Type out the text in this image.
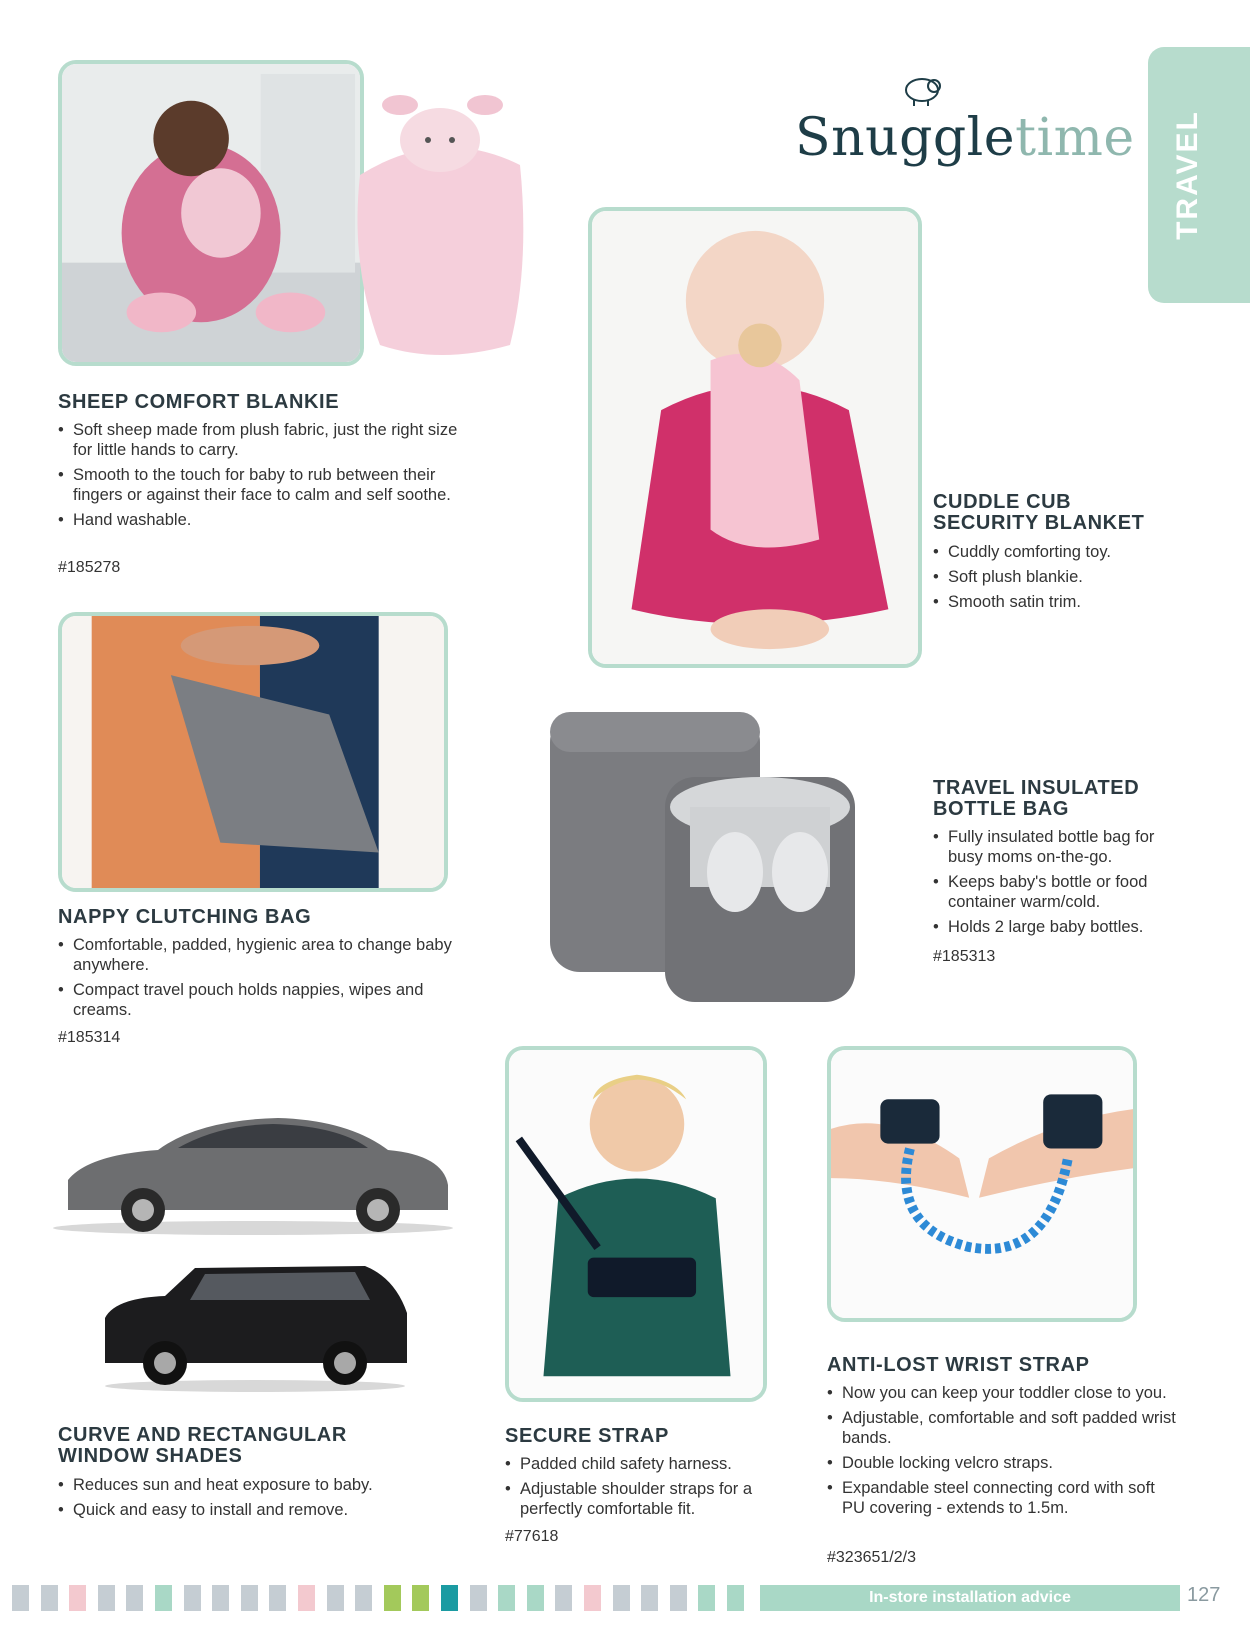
TRAVEL
Snuggletime
SHEEP COMFORT BLANKIE
• Soft sheep made from plush fabric, just the right size for little hands to carry.
• Smooth to the touch for baby to rub between their fingers or against their face to calm and self soothe.
• Hand washable.
#185278
CUDDLE CUB
SECURITY BLANKET
• Cuddly comforting toy.
• Soft plush blankie.
• Smooth satin trim.
NAPPY CLUTCHING BAG
• Comfortable, padded, hygienic area to change baby anywhere.
• Compact travel pouch holds nappies, wipes and creams.
#185314
TRAVEL INSULATED
BOTTLE BAG
• Fully insulated bottle bag for busy moms on-the-go.
• Keeps baby's bottle or food container warm/cold.
• Holds 2 large baby bottles.
#185313
CURVE AND RECTANGULAR
WINDOW SHADES
• Reduces sun and heat exposure to baby.
• Quick and easy to install and remove.
SECURE STRAP
• Padded child safety harness.
• Adjustable shoulder straps for a perfectly comfortable fit.
#77618
ANTI-LOST WRIST STRAP
• Now you can keep your toddler close to you.
• Adjustable, comfortable and soft padded wrist bands.
• Double locking velcro straps.
• Expandable steel connecting cord with soft PU covering - extends to 1.5m.
#323651/2/3
In-store installation advice	127
